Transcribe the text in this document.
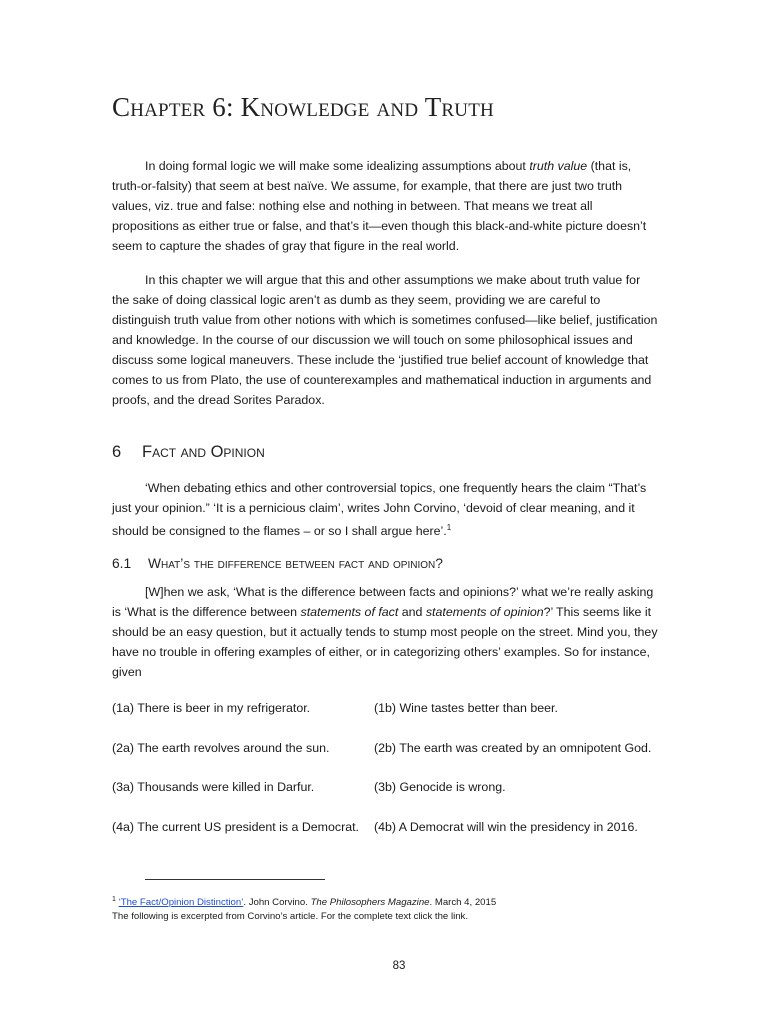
Chapter 6: Knowledge and Truth

In doing formal logic we will make some idealizing assumptions about truth value (that is, truth-or-falsity) that seem at best naïve. We assume, for example, that there are just two truth values, viz. true and false: nothing else and nothing in between. That means we treat all propositions as either true or false, and that’s it—even though this black-and-white picture doesn’t seem to capture the shades of gray that figure in the real world.

In this chapter we will argue that this and other assumptions we make about truth value for the sake of doing classical logic aren’t as dumb as they seem, providing we are careful to distinguish truth value from other notions with which is sometimes confused—like belief, justification and knowledge. In the course of our discussion we will touch on some philosophical issues and discuss some logical maneuvers. These include the ‘justified true belief account of knowledge that comes to us from Plato, the use of counterexamples and mathematical induction in arguments and proofs, and the dread Sorites Paradox.

6 Fact and Opinion

‘When debating ethics and other controversial topics, one frequently hears the claim “That’s just your opinion.” ‘It is a pernicious claim’, writes John Corvino, ‘devoid of clear meaning, and it should be consigned to the flames – or so I shall argue here’.$^1$

6.1 What’s the difference between fact and opinion?

[W]hen we ask, ‘What is the difference between facts and opinions?’ what we’re really asking is ‘What is the difference between statements of fact and statements of opinion?’ This seems like it should be an easy question, but it actually tends to stump most people on the street. Mind you, they have no trouble in offering examples of either, or in categorizing others’ examples. So for instance, given

(1a) There is beer in my refrigerator.	(1b) Wine tastes better than beer.
(2a) The earth revolves around the sun.	(2b) The earth was created by an omnipotent God.
(3a) Thousands were killed in Darfur.	(3b) Genocide is wrong.
(4a) The current US president is a Democrat. (4b) A Democrat will win the presidency in 2016.
$^1$ ‘The Fact/Opinion Distinction’. John Corvino. The Philosophers Magazine. March 4, 2015
The following is excerpted from Corvino’s article. For the complete text click the link.
83
